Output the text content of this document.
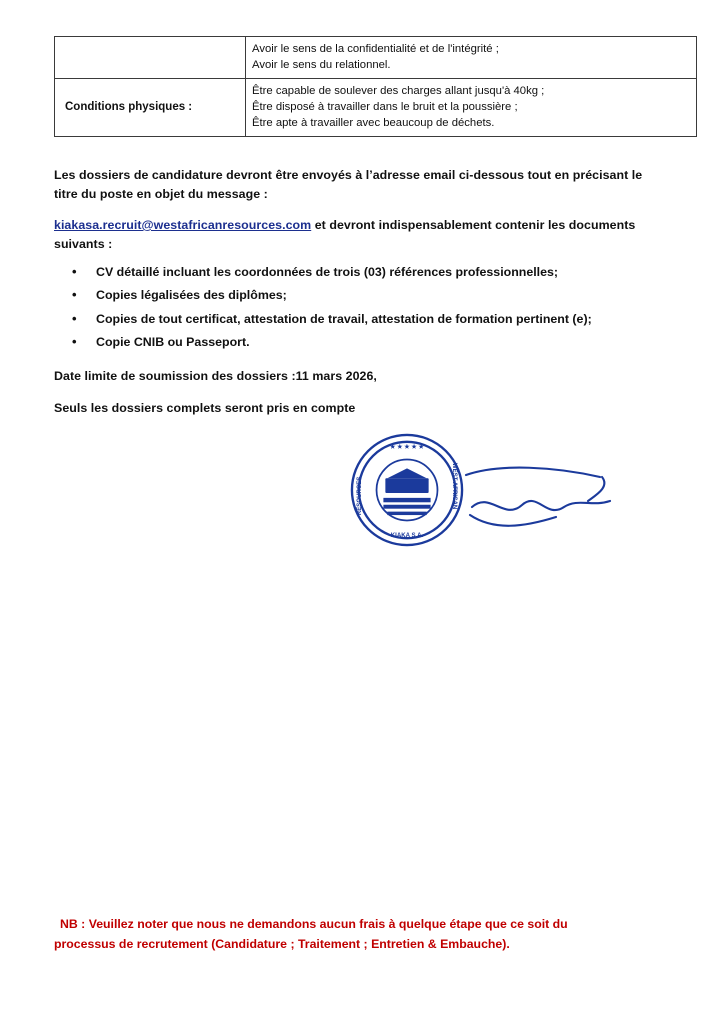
	Avoir le sens de la confidentialité et de l'intégrité ;
Avoir le sens du relationnel.

Conditions physiques :	Être capable de soulever des charges allant jusqu'à 40kg ;
Être disposé à travailler dans le bruit et la poussière ;
Être apte à travailler avec beaucoup de déchets.
Les dossiers de candidature devront être envoyés à l’adresse email ci-dessous tout en précisant le titre du poste en objet du message :
kiakasa.recruit@westafricanresources.com et devront indispensablement contenir les documents suivants :
• CV détaillé incluant les coordonnées de trois (03) références professionnelles;
• Copies légalisées des diplômes;
• Copies de tout certificat, attestation de travail, attestation de formation pertinent (e);
• Copie CNIB ou Passeport.
Date limite de soumission des dossiers :11 mars 2026,
Seuls les dossiers complets seront pris en compte
★ ★ ★ ★ ★
KIAKA S.A.
RESOURCES	WEST AFRICAN
NB : Veuillez noter que nous ne demandons aucun frais à quelque étape que ce soit du
processus de recrutement (Candidature ; Traitement ; Entretien & Embauche).
